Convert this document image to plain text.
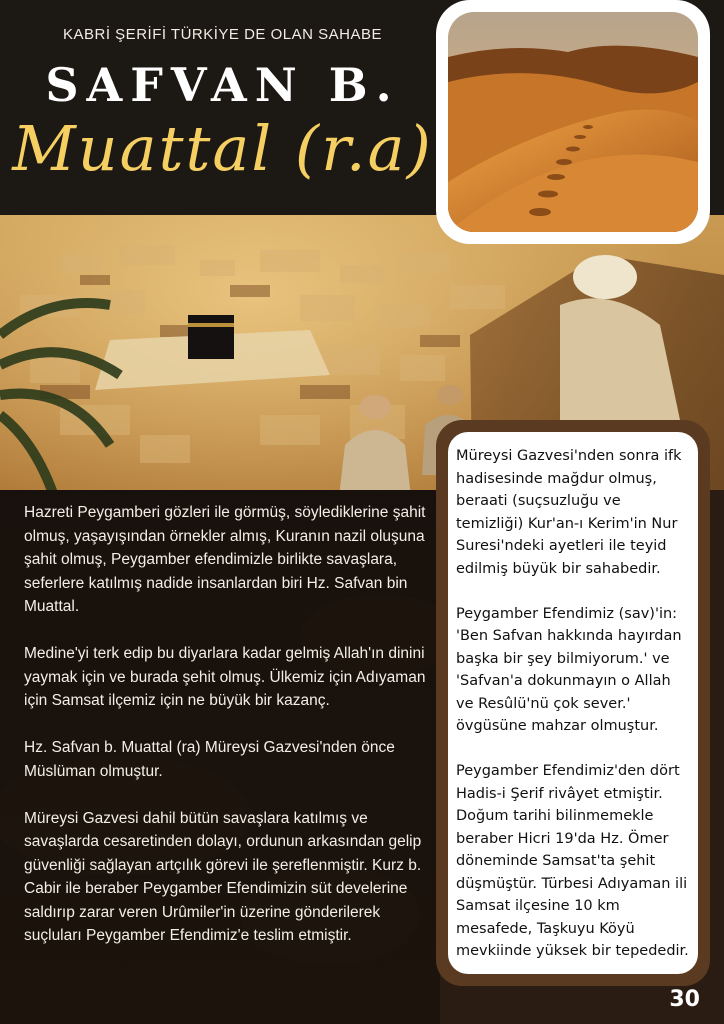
KABRİ ŞERİFİ TÜRKİYE DE OLAN SAHABE
SAFVAN B.
Muattal (r.a)

Hazreti Peygamberi gözleri ile görmüş, söylediklerine şahit olmuş, yaşayışından örnekler almış, Kuranın nazil oluşuna şahit olmuş, Peygamber efendimizle birlikte savaşlara, seferlere katılmış nadide insanlardan biri Hz. Safvan bin Muattal.

Medine'yi terk edip bu diyarlara kadar gelmiş Allah'ın dinini yaymak için ve burada şehit olmuş. Ülkemiz için Adıyaman için Samsat ilçemiz için ne büyük bir kazanç.

Hz. Safvan b. Muattal (ra) Müreysi Gazvesi'nden önce Müslüman olmuştur.

Müreysi Gazvesi dahil bütün savaşlara katılmış ve savaşlarda cesaretinden dolayı, ordunun arkasından gelip güvenliği sağlayan artçılık görevi ile şereflenmiştir. Kurz b. Cabir ile beraber Peygamber Efendimizin süt develerine saldırıp zarar veren Urûmiler'in üzerine gönderilerek suçluları Peygamber Efendimiz'e teslim etmiştir.

Müreysi Gazvesi'nden sonra ifk hadisesinde mağdur olmuş, beraati (suçsuzluğu ve temizliği) Kur'an-ı Kerim'in Nur Suresi'ndeki ayetleri ile teyid edilmiş büyük bir sahabedir.

Peygamber Efendimiz (sav)'in: 'Ben Safvan hakkında hayırdan başka bir şey bilmiyorum.' ve 'Safvan'a dokunmayın o Allah ve Resûlü'nü çok sever.' övgüsüne mahzar olmuştur.

Peygamber Efendimiz'den dört Hadis-i Şerif rivâyet etmiştir. Doğum tarihi bilinmemekle beraber Hicri 19'da Hz. Ömer döneminde Samsat'ta şehit düşmüştür. Türbesi Adıyaman ili Samsat ilçesine 10 km mesafede, Taşkuyu Köyü mevkiinde yüksek bir tepededir.

30
